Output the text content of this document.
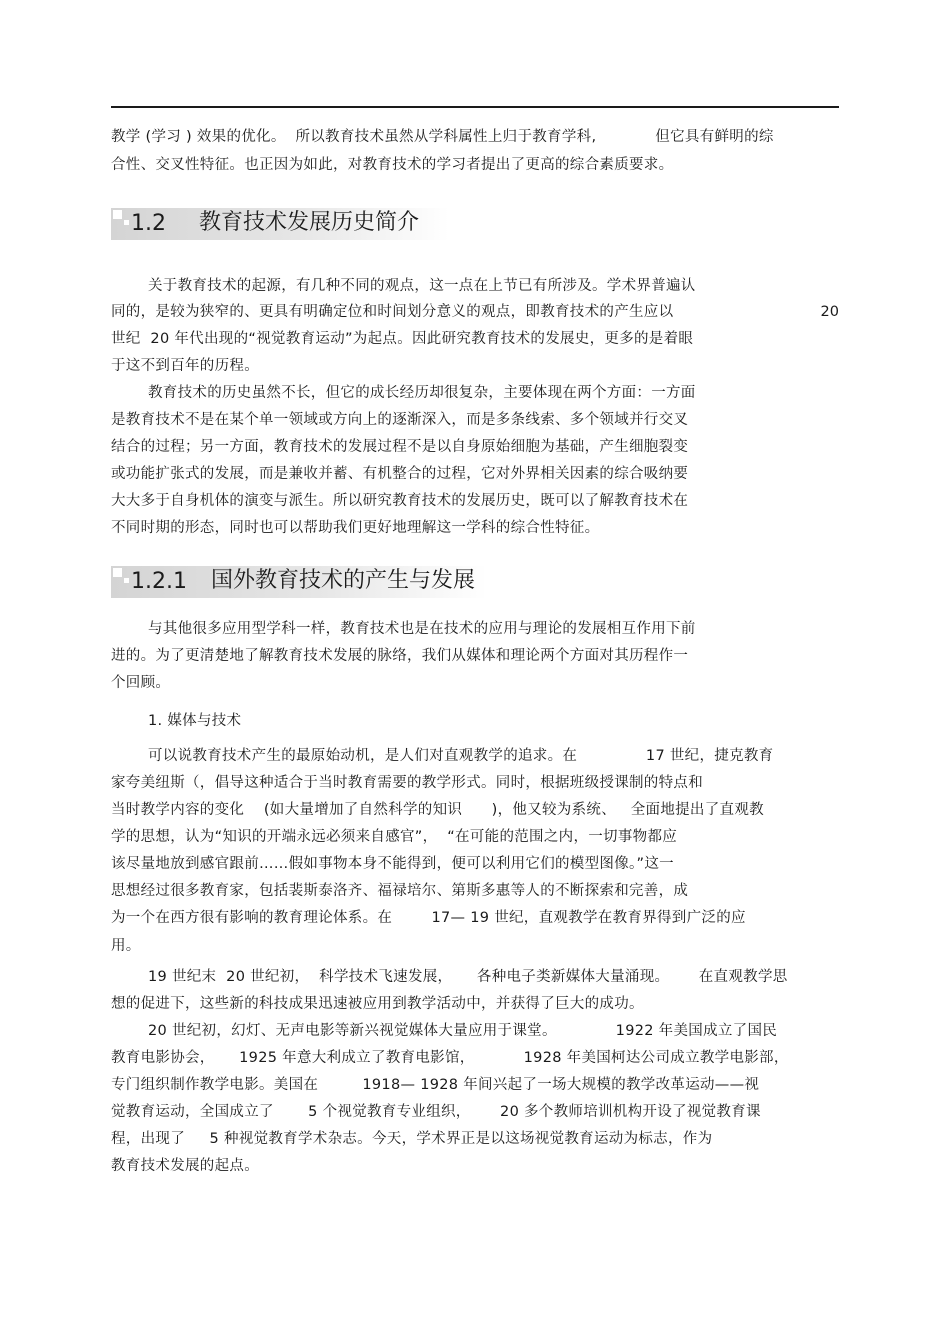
教学 (学习 ) 效果的优化。  所以教育技术虽然从学科属性上归于教育学科,            但它具有鲜明的综
合性、交叉性特征。也正因为如此，对教育技术的学习者提出了更高的综合素质要求。
1.2 教育技术发展历史简介
关于教育技术的起源，有几种不同的观点，这一点在上节已有所涉及。学术界普遍认
同的，是较为狭窄的、更具有明确定位和时间划分意义的观点，即教育技术的产生应以	20
世纪  20 年代出现的“视觉教育运动”为起点。因此研究教育技术的发展史，更多的是着眼
于这不到百年的历程。
教育技术的历史虽然不长，但它的成长经历却很复杂，主要体现在两个方面：一方面
是教育技术不是在某个单一领域或方向上的逐渐深入，而是多条线索、多个领域并行交叉
结合的过程；另一方面，教育技术的发展过程不是以自身原始细胞为基础，产生细胞裂变
或功能扩张式的发展，而是兼收并蓄、有机整合的过程，它对外界相关因素的综合吸纳要
大大多于自身机体的演变与派生。所以研究教育技术的发展历史，既可以了解教育技术在
不同时期的形态，同时也可以帮助我们更好地理解这一学科的综合性特征。
1.2.1 国外教育技术的产生与发展
与其他很多应用型学科一样，教育技术也是在技术的应用与理论的发展相互作用下前
进的。为了更清楚地了解教育技术发展的脉络，我们从媒体和理论两个方面对其历程作一
个回顾。
1. 媒体与技术
可以说教育技术产生的最原始动机，是人们对直观教学的追求。在              17 世纪，捷克教育
家夸美纽斯（，倡导这种适合于当时教育需要的教学形式。同时，根据班级授课制的特点和
当时教学内容的变化    (如大量增加了自然科学的知识      )，他又较为系统、   全面地提出了直观教
学的思想，认为“知识的开端永远必须来自感官”，  “在可能的范围之内，一切事物都应
该尽量地放到感官跟前……假如事物本身不能得到，便可以利用它们的模型图像。”这一
思想经过很多教育家，包括裴斯泰洛齐、福禄培尔、第斯多惠等人的不断探索和完善，成
为一个在西方很有影响的教育理论体系。在        17— 19 世纪，直观教学在教育界得到广泛的应
用。
19 世纪末  20 世纪初，  科学技术飞速发展，     各种电子类新媒体大量涌现。      在直观教学思
想的促进下，这些新的科技成果迅速被应用到教学活动中，并获得了巨大的成功。
20 世纪初，幻灯、无声电影等新兴视觉媒体大量应用于课堂。            1922 年美国成立了国民
教育电影协会，     1925 年意大利成立了教育电影馆，          1928 年美国柯达公司成立教学电影部，
专门组织制作教学电影。美国在         1918— 1928 年间兴起了一场大规模的教学改革运动——视
觉教育运动，全国成立了       5 个视觉教育专业组织，      20 多个教师培训机构开设了视觉教育课
程，出现了     5 种视觉教育学术杂志。今天，学术界正是以这场视觉教育运动为标志，作为
教育技术发展的起点。
